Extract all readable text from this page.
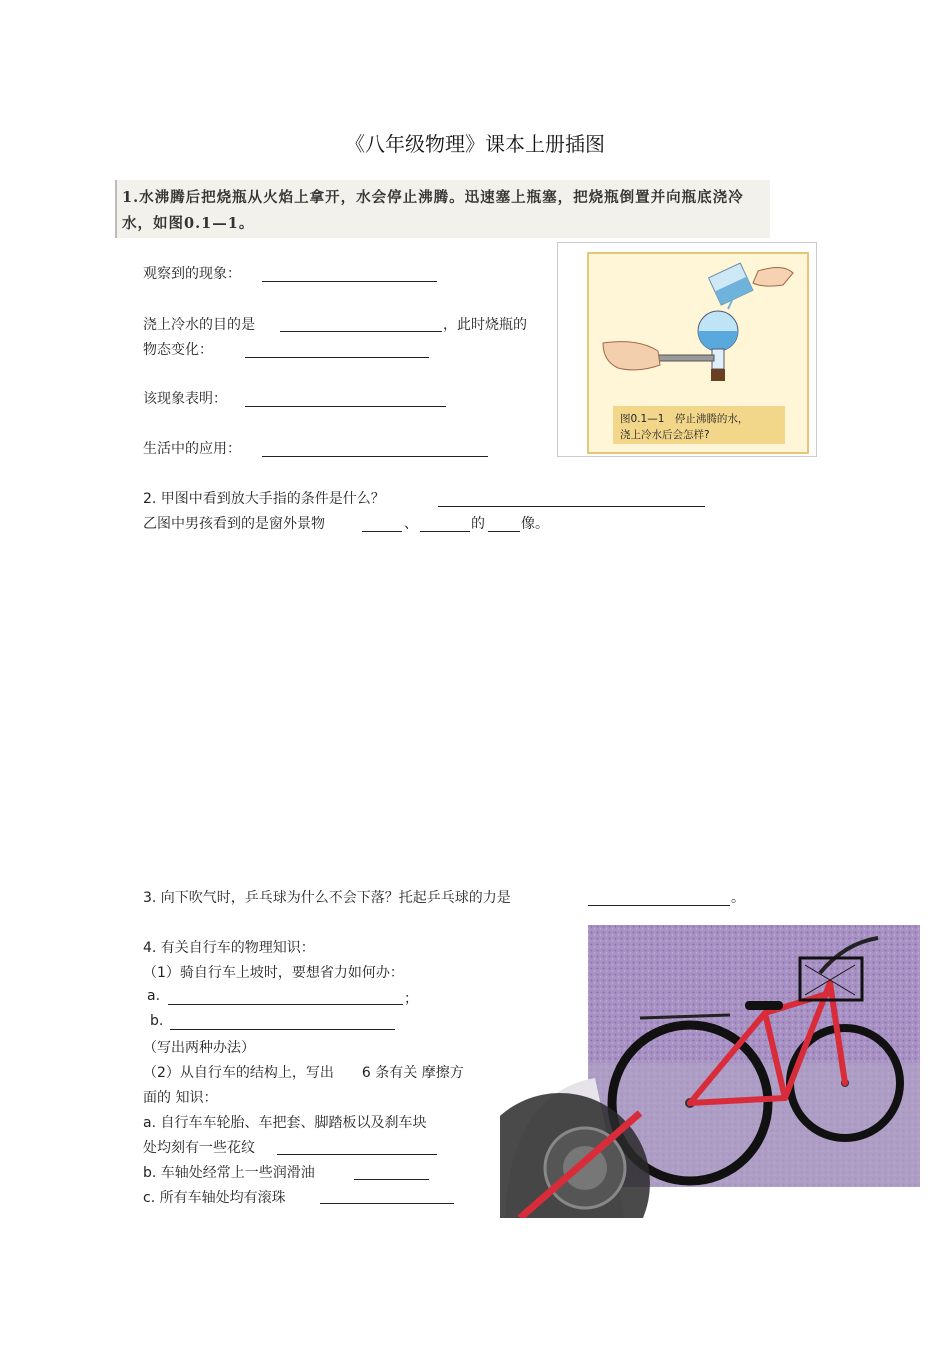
《八年级物理》课本上册插图
1.水沸腾后把烧瓶从火焰上拿开，水会停止沸腾。迅速塞上瓶塞，把烧瓶倒置并向瓶底浇冷水，如图0.1—1。
观察到的现象：
浇上冷水的目的是	，此时烧瓶的
物态变化：
该现象表明：
生活中的应用：
图0.1—1　停止沸腾的水，
浇上冷水后会怎样?
2. 甲图中看到放大手指的条件是什么？
乙图中男孩看到的是窗外景物	、	的	像。
3. 向下吹气时，乒乓球为什么不会下落？托起乒乓球的力是	。
4. 有关自行车的物理知识：
（1）骑自行车上坡时，要想省力如何办：
a.	；
b.
（写出两种办法）
（2）从自行车的结构上，写出　　6 条有关 摩擦方
面的 知识：
a. 自行车车轮胎、车把套、脚踏板以及刹车块
处均刻有一些花纹
b. 车轴处经常上一些润滑油
c. 所有车轴处均有滚珠
